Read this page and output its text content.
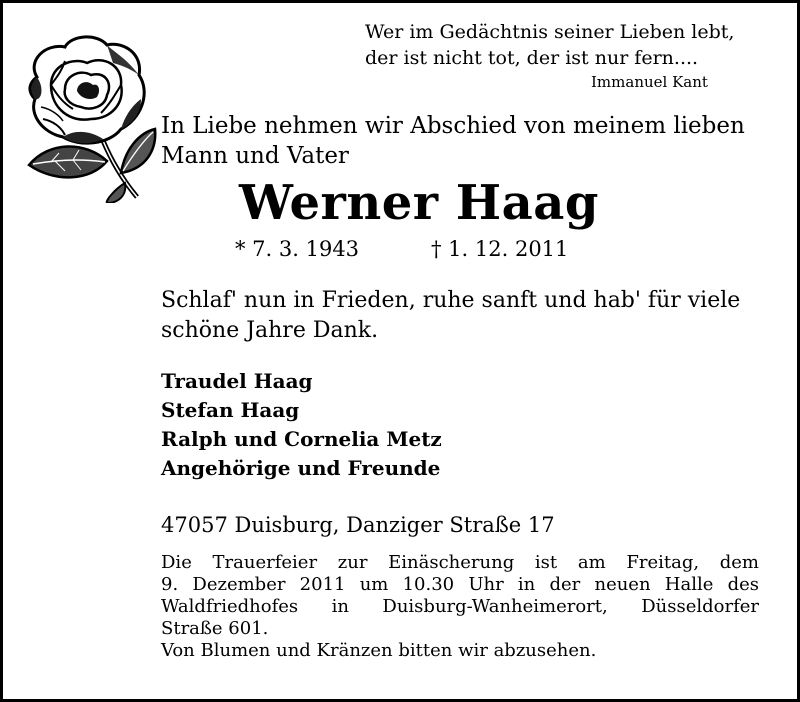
Wer im Gedächtnis seiner Lieben lebt,
der ist nicht tot, der ist nur fern....
Immanuel Kant
In Liebe nehmen wir Abschied von meinem lieben
Mann und Vater
Werner Haag
* 7. 3. 1943	† 1. 12. 2011
Schlaf' nun in Frieden, ruhe sanft und hab' für viele
schöne Jahre Dank.
Traudel Haag
Stefan Haag
Ralph und Cornelia Metz
Angehörige und Freunde
47057 Duisburg, Danziger Straße 17
Die Trauerfeier zur Einäscherung ist am Freitag, dem
9. Dezember 2011 um 10.30 Uhr in der neuen Halle des
Waldfriedhofes in Duisburg-Wanheimerort, Düsseldorfer
Straße 601.
Von Blumen und Kränzen bitten wir abzusehen.
